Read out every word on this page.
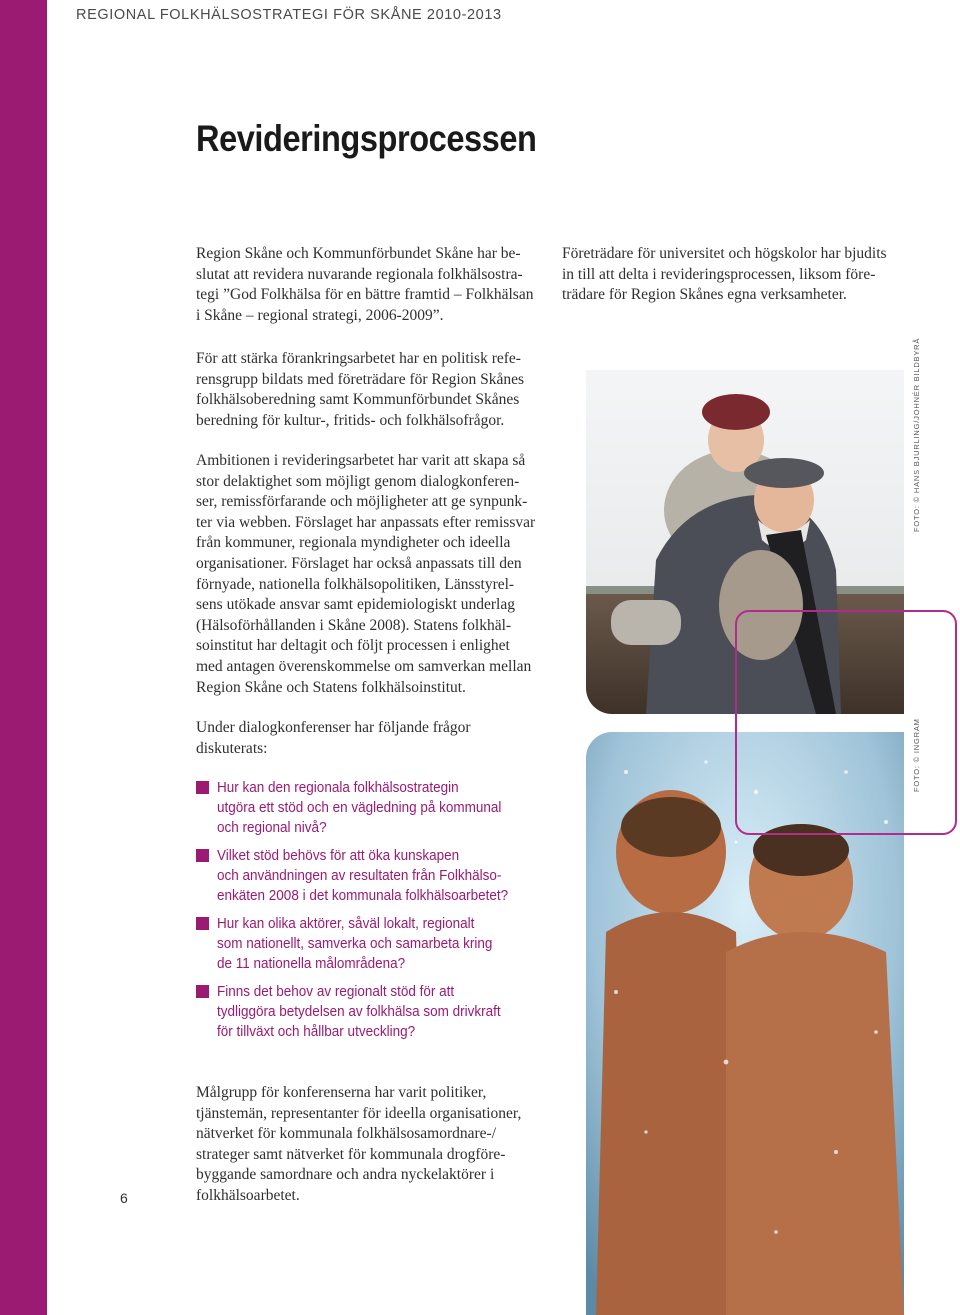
REGIONAL FOLKHÄLSOSTRATEGI FÖR SKÅNE 2010-2013
Revideringsprocessen
Region Skåne och Kommunförbundet Skåne har be-
slutat att revidera nuvarande regionala folkhälsostra-
tegi ”God Folkhälsa för en bättre framtid – Folkhälsan
i Skåne – regional strategi, 2006-2009”.
Företrädare för universitet och högskolor har bjudits
in till att delta i revideringsprocessen, liksom före-
trädare för Region Skånes egna verksamheter.
För att stärka förankringsarbetet har en politisk refe-
rensgrupp bildats med företrädare för Region Skånes
folkhälsoberedning samt Kommunförbundet Skånes
beredning för kultur-, fritids- och folkhälsofrågor.
Ambitionen i revideringsarbetet har varit att skapa så
stor delaktighet som möjligt genom dialogkonferen-
ser, remissförfarande och möjligheter att ge synpunk-
ter via webben. Förslaget har anpassats efter remissvar
från kommuner, regionala myndigheter och ideella
organisationer. Förslaget har också anpassats till den
förnyade, nationella folkhälsopolitiken, Länsstyrel-
sens utökade ansvar samt epidemiologiskt underlag
(Hälsoförhållanden i Skåne 2008). Statens folkhäl-
soinstitut har deltagit och följt processen i enlighet
med antagen överenskommelse om samverkan mellan
Region Skåne och Statens folkhälsoinstitut.
Under dialogkonferenser har följande frågor
diskuterats:
Hur kan den regionala folkhälsostrategin
utgöra ett stöd och en vägledning på kommunal
och regional nivå?
Vilket stöd behövs för att öka kunskapen
och användningen av resultaten från Folkhälso-
enkäten 2008 i det kommunala folkhälsoarbetet?
Hur kan olika aktörer, såväl lokalt, regionalt
som nationellt, samverka och samarbeta kring
de 11 nationella målområdena?
Finns det behov av regionalt stöd för att
tydliggöra betydelsen av folkhälsa som drivkraft
för tillväxt och hållbar utveckling?
Målgrupp för konferenserna har varit politiker,
tjänstemän, representanter för ideella organisationer,
nätverket för kommunala folkhälsosamordnare-/
strateger samt nätverket för kommunala drogföre-
byggande samordnare och andra nyckelaktörer i
folkhälsoarbetet.
6
FOTO: © HANS BJURLING/JOHNÉR BILDBYRÅ
FOTO: © INGRAM
